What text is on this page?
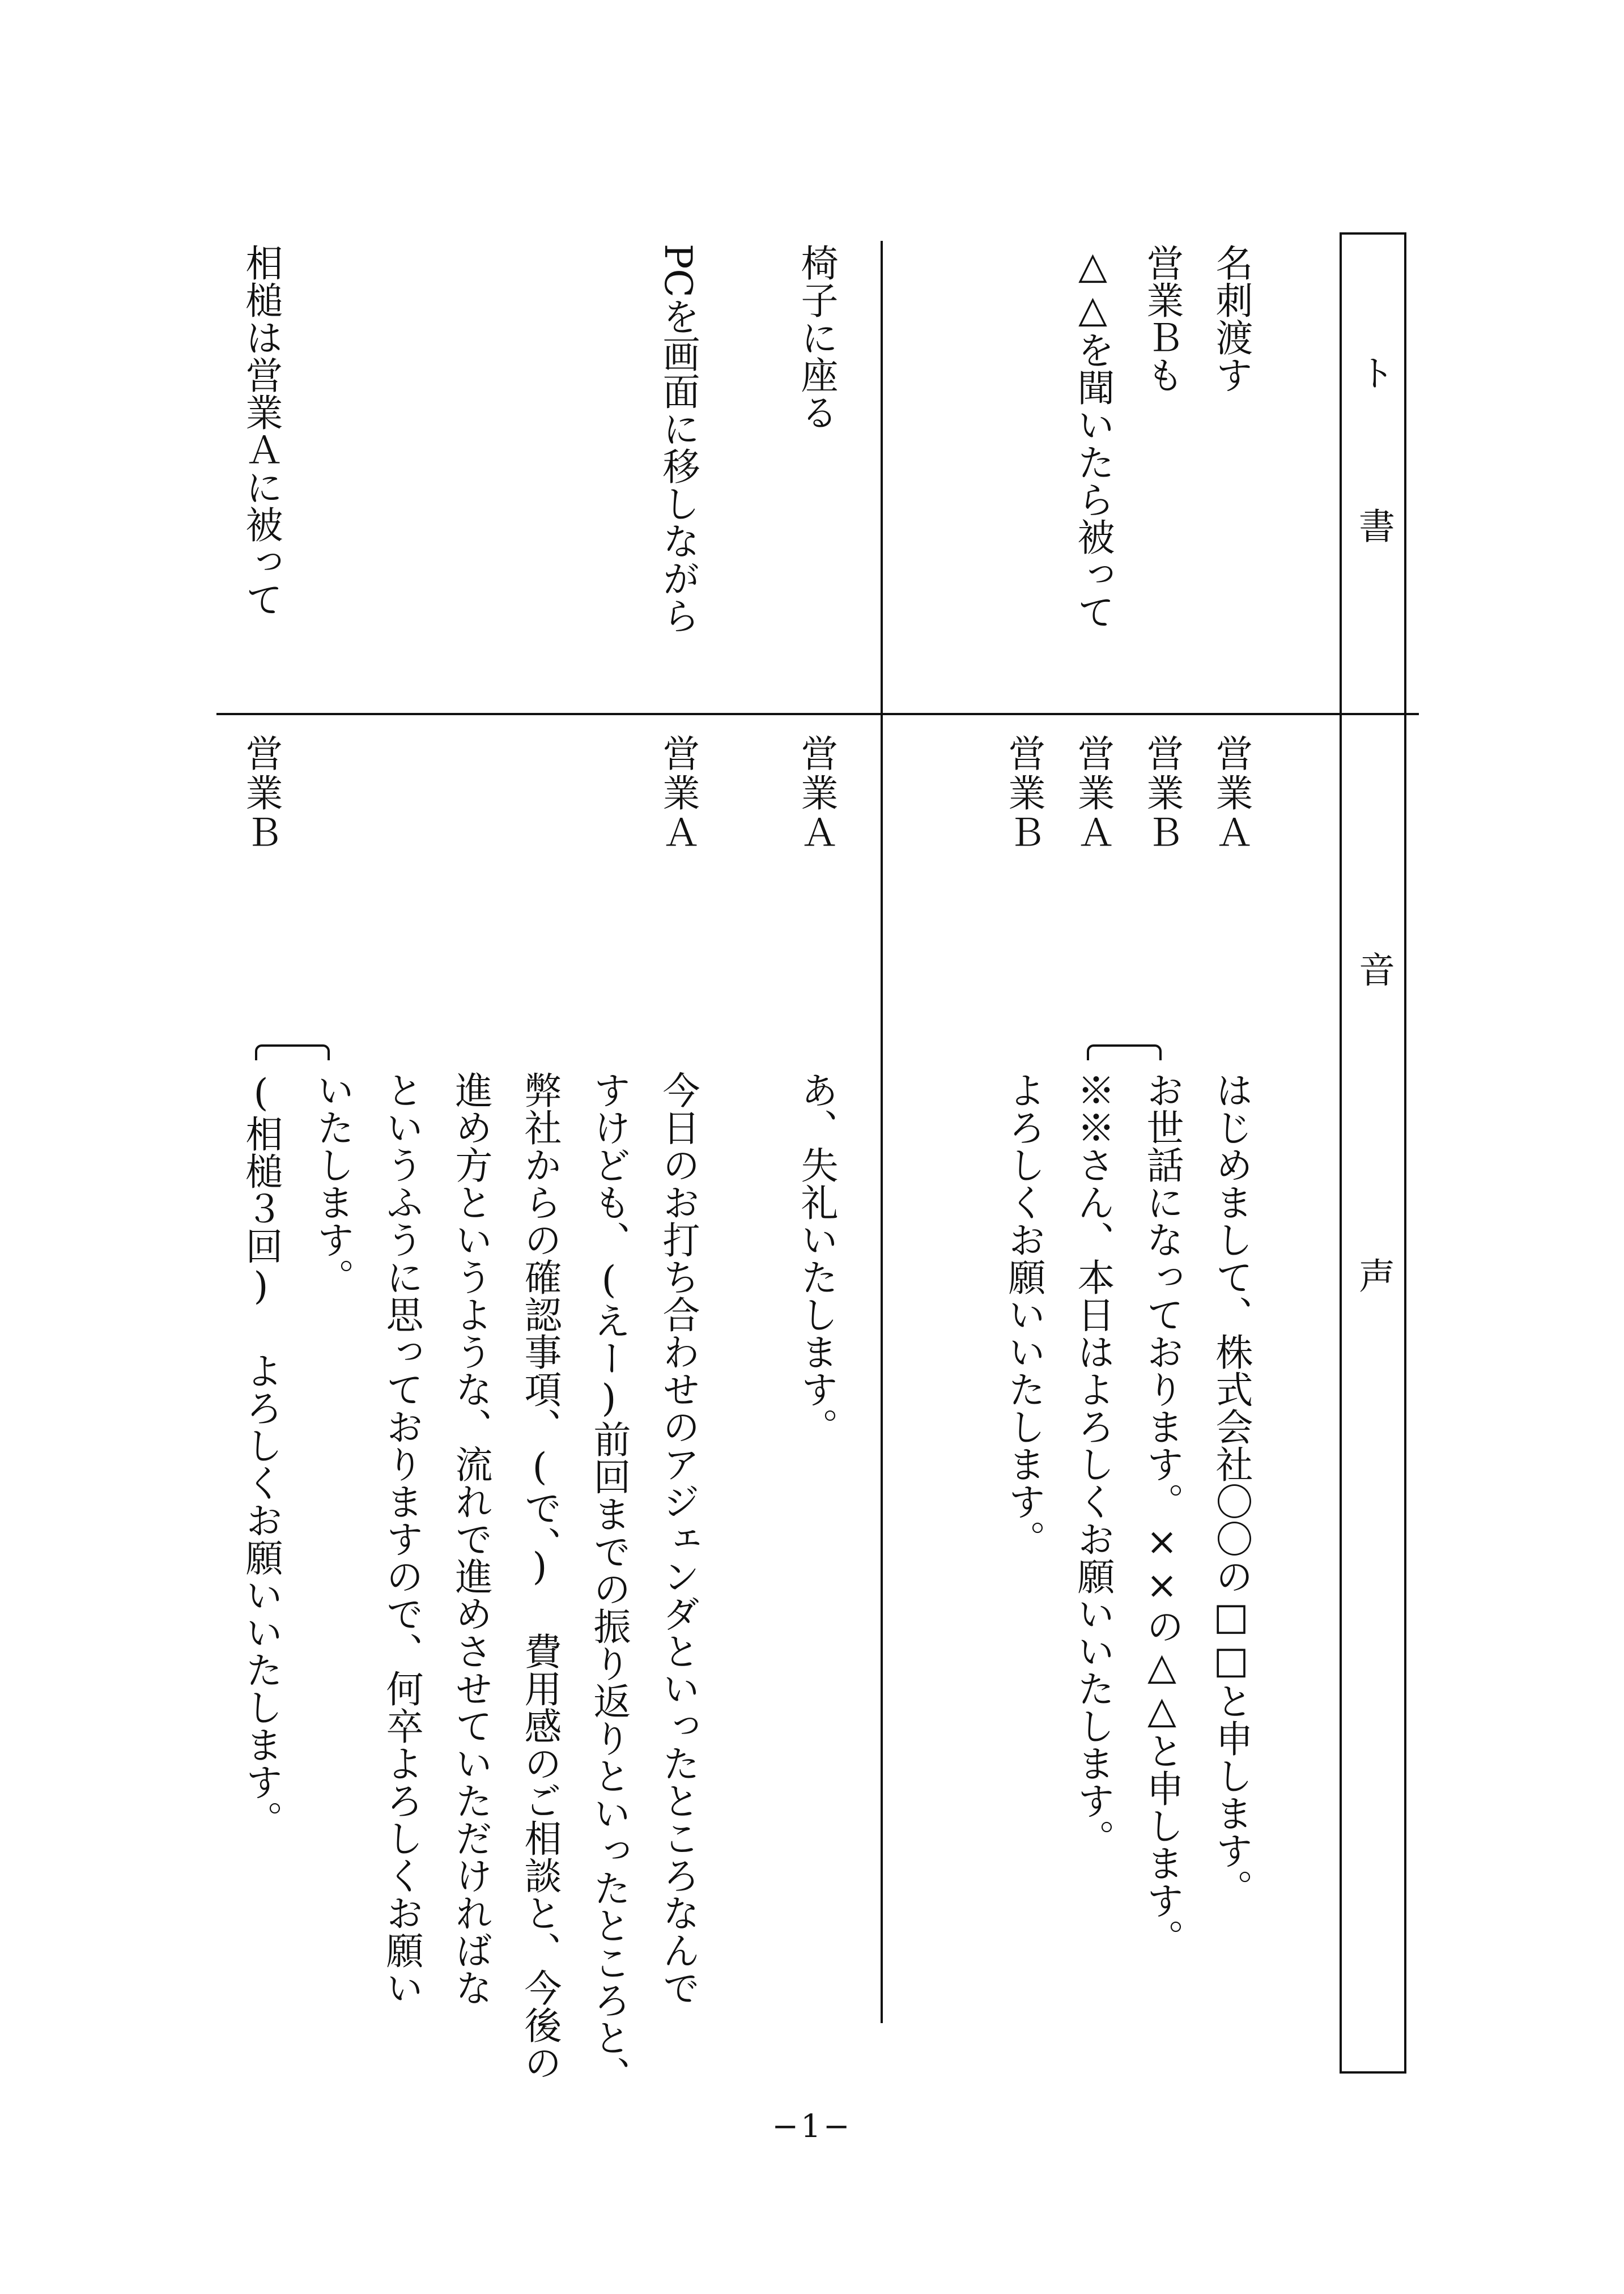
ト
書
音
声
名刺渡す
営業Ｂも
△△を聞いたら被って
椅子に座る
PCを画面に移しながら
相槌は営業Ａに被って
営業Ａ
営業Ｂ
営業Ａ
営業Ｂ
営業Ａ
営業Ａ
営業Ｂ
はじめまして、株式会社〇〇の□□と申します。
お世話になっております。××の△△と申します。
※※さん、本日はよろしくお願いいたします。
よろしくお願いいたします。
あ、失礼いたします。
今日のお打ち合わせのアジェンダといったところなんで
すけども、(えー)前回までの振り返りといったところと、
弊社からの確認事項、(で、) 費用感のご相談と、今後の
進め方というような、流れで進めさせていただければな
というふうに思っておりますので、何卒よろしくお願い
いたします。
(相槌３回) よろしくお願いいたします。
−1−
